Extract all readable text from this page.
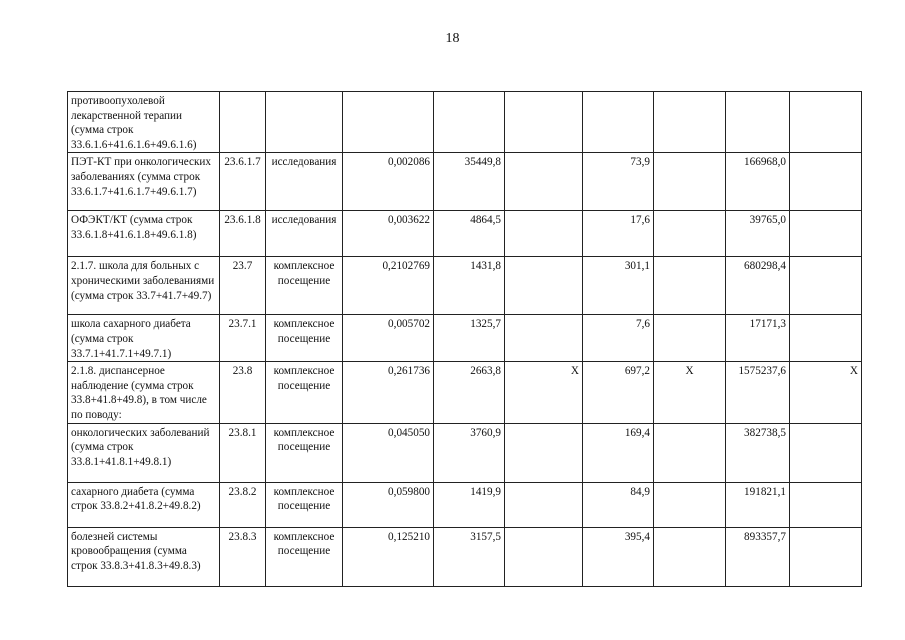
18
противоопухолевой лекарственной терапии (сумма строк 33.6.1.6+41.6.1.6+49.6.1.6)									
ПЭТ-КТ при онкологических заболеваниях (сумма строк 33.6.1.7+41.6.1.7+49.6.1.7)	23.6.1.7	исследования	0,002086	35449,8		73,9		166968,0	
ОФЭКТ/КТ (сумма строк 33.6.1.8+41.6.1.8+49.6.1.8)	23.6.1.8	исследования	0,003622	4864,5		17,6		39765,0	
2.1.7. школа для больных с хроническими заболеваниями (сумма строк 33.7+41.7+49.7)	23.7	комплексное посещение	0,2102769	1431,8		301,1		680298,4	
школа сахарного диабета (сумма строк 33.7.1+41.7.1+49.7.1)	23.7.1	комплексное посещение	0,005702	1325,7		7,6		17171,3	
2.1.8. диспансерное наблюдение (сумма строк 33.8+41.8+49.8), в том числе по поводу:	23.8	комплексное посещение	0,261736	2663,8	Х	697,2	Х	1575237,6	Х
онкологических заболеваний (сумма строк 33.8.1+41.8.1+49.8.1)	23.8.1	комплексное посещение	0,045050	3760,9		169,4		382738,5	
сахарного диабета (сумма строк 33.8.2+41.8.2+49.8.2)	23.8.2	комплексное посещение	0,059800	1419,9		84,9		191821,1	
болезней системы кровообращения (сумма строк 33.8.3+41.8.3+49.8.3)	23.8.3	комплексное посещение	0,125210	3157,5		395,4		893357,7	
